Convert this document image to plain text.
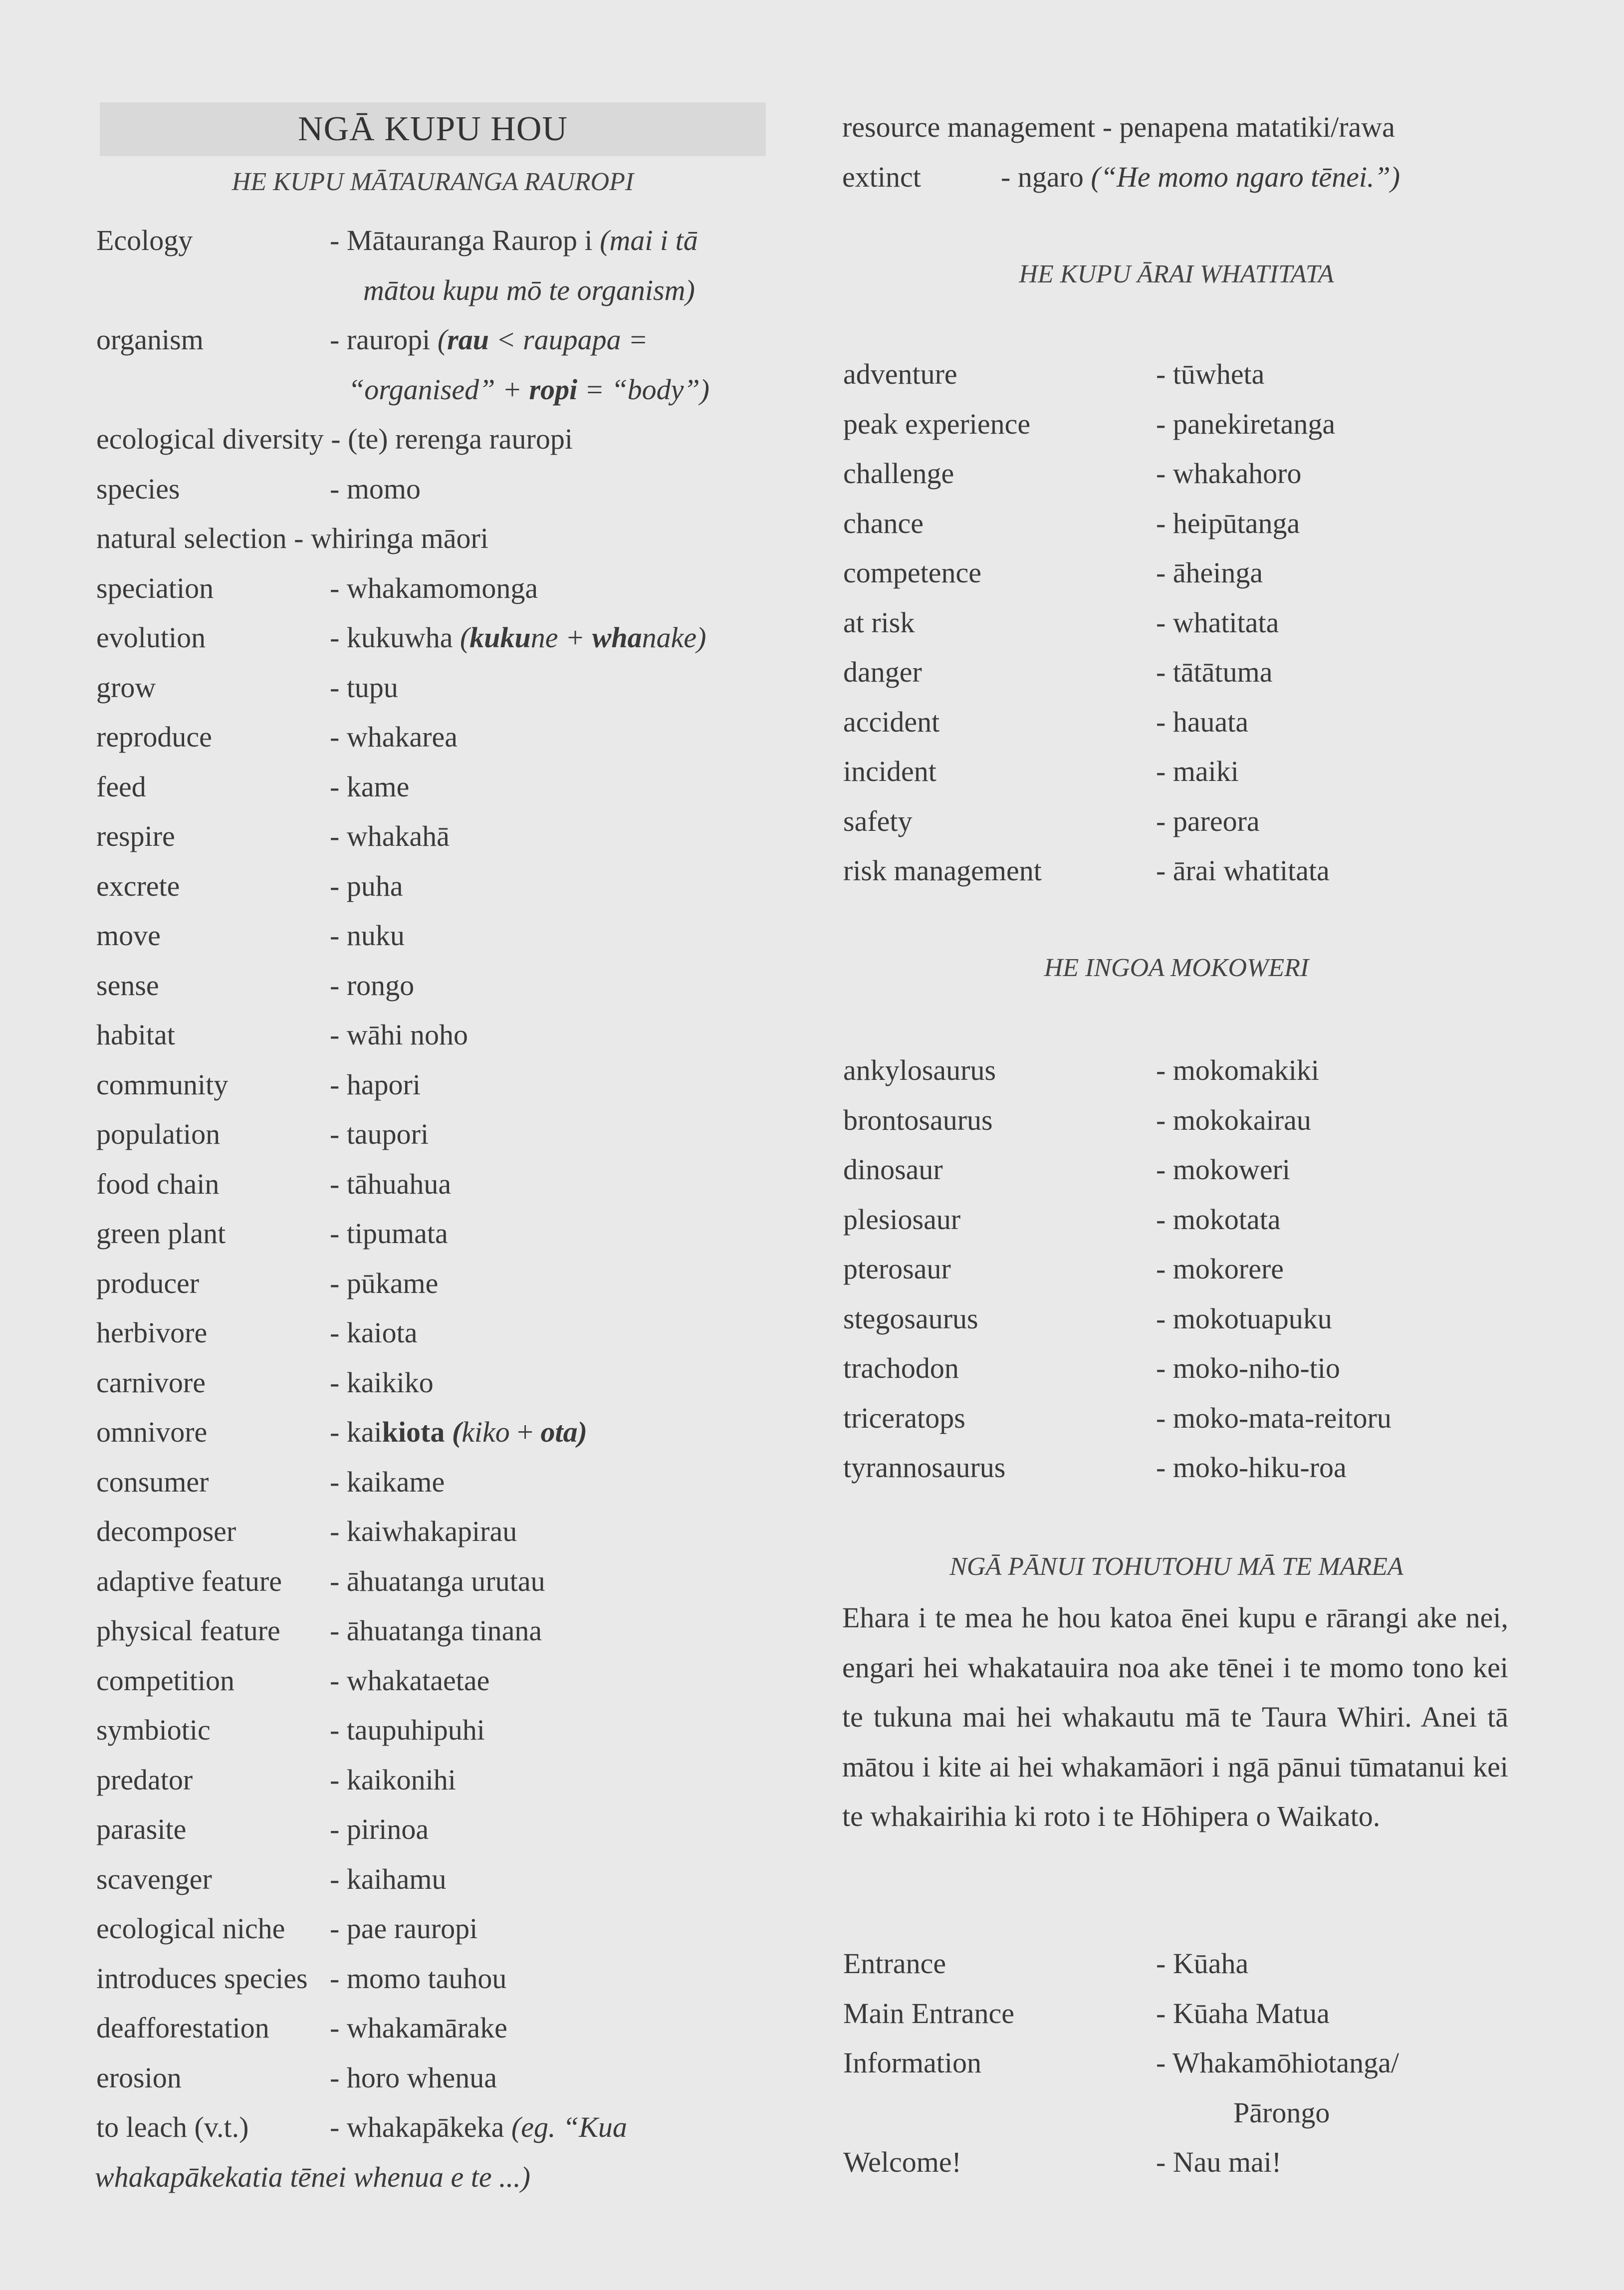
NGĀ KUPU HOU
HE KUPU MĀTAURANGA RAUROPI
resource management - penapena matatiki/rawa
extinct	- ngaro (“He momo ngaro tēnei.”)
HE KUPU ĀRAI WHATITATA
HE INGOA MOKOWERI
NGĀ PĀNUI TOHUTOHU MĀ TE MAREA
Ehara i te mea he hou katoa ēnei kupu e rārangi ake nei, engari hei whakatauira noa ake tēnei i te momo tono kei te tukuna mai hei whakautu mā te Taura Whiri. Anei tā mātou i kite ai hei whakamāori i ngā pānui tūmatanui kei te whakairihia ki roto i te Hōhipera o Waikato.
Ecology	- Mātauranga Raurop i (mai i tā
mātou kupu mō te organism)
organism	- rauropi (rau < raupapa =
“organised” + ropi = “body”)
ecological diversity - (te) rerenga rauropi
species	- momo
natural selection - whiringa māori
speciation	- whakamomonga
evolution	- kukuwha (kukune + whanake)
grow	- tupu
reproduce	- whakarea
feed	- kame
respire	- whakahā
excrete	- puha
move	- nuku
sense	- rongo
habitat	- wāhi noho
community	- hapori
population	- taupori
food chain	- tāhuahua
green plant	- tipumata
producer	- pūkame
herbivore	- kaiota
carnivore	- kaikiko
omnivore	- kaikiota (kiko + ota)
consumer	- kaikame
decomposer	- kaiwhakapirau
adaptive feature - āhuatanga urutau
physical feature - āhuatanga tinana
competition	- whakataetae
symbiotic	- taupuhipuhi
predator	- kaikonihi
parasite	- pirinoa
scavenger	- kaihamu
ecological niche - pae rauropi
introduces species - momo tauhou
deafforestation - whakamārake
erosion	- horo whenua
to leach (v.t.)	- whakapākeka (eg. “Kua
whakapākekatia tēnei whenua e te ...)
adventure	- tūwheta
peak experience	- panekiretanga
challenge	- whakahoro
chance	- heipūtanga
competence	- āheinga
at risk	- whatitata
danger	- tātātuma
accident	- hauata
incident	- maiki
safety	- pareora
risk management	- ārai whatitata
ankylosaurus	- mokomakiki
brontosaurus	- mokokairau
dinosaur	- mokoweri
plesiosaur	- mokotata
pterosaur	- mokorere
stegosaurus	- mokotuapuku
trachodon	- moko-niho-tio
triceratops	- moko-mata-reitoru
tyrannosaurus	- moko-hiku-roa
Entrance	- Kūaha
Main Entrance	- Kūaha Matua
Information	- Whakamōhiotanga/
Pārongo
Welcome!	- Nau mai!
